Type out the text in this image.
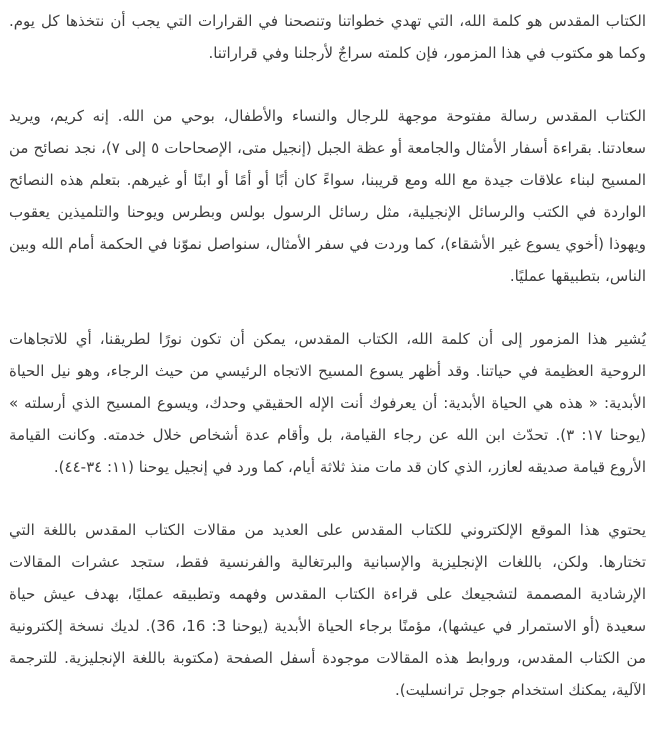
الكتاب المقدس هو كلمة الله، التي تهدي خطواتنا وتنصحنا في القرارات التي يجب أن نتخذها كل يوم. وكما هو مكتوب في هذا المزمور، فإن كلمته سراجٌ لأرجلنا وفي قراراتنا.

الكتاب المقدس رسالة مفتوحة موجهة للرجال والنساء والأطفال، بوحي من الله. إنه كريم، ويريد سعادتنا. بقراءة أسفار الأمثال والجامعة أو عظة الجبل (إنجيل متى، الإصحاحات ٥ إلى ٧)، نجد نصائح من المسيح لبناء علاقات جيدة مع الله ومع قريبنا، سواءً كان أبًا أو أمًا أو ابنًا أو غيرهم. بتعلم هذه النصائح الواردة في الكتب والرسائل الإنجيلية، مثل رسائل الرسول بولس وبطرس ويوحنا والتلميذين يعقوب ويهوذا (أخوي يسوع غير الأشقاء)، كما وردت في سفر الأمثال، سنواصل نموّنا في الحكمة أمام الله وبين الناس، بتطبيقها عمليًا.

يُشير هذا المزمور إلى أن كلمة الله، الكتاب المقدس، يمكن أن تكون نورًا لطريقنا، أي للاتجاهات الروحية العظيمة في حياتنا. وقد أظهر يسوع المسيح الاتجاه الرئيسي من حيث الرجاء، وهو نيل الحياة الأبدية: « هذه هي الحياة الأبدية: أن يعرفوك أنت الإله الحقيقي وحدك، ويسوع المسيح الذي أرسلته » (يوحنا ١٧: ٣). تحدّث ابن الله عن رجاء القيامة، بل وأقام عدة أشخاص خلال خدمته. وكانت القيامة الأروع قيامة صديقه لعازر، الذي كان قد مات منذ ثلاثة أيام، كما ورد في إنجيل يوحنا (١١: ٣٤-٤٤).

يحتوي هذا الموقع الإلكتروني للكتاب المقدس على العديد من مقالات الكتاب المقدس باللغة التي تختارها. ولكن، باللغات الإنجليزية والإسبانية والبرتغالية والفرنسية فقط، ستجد عشرات المقالات الإرشادية المصممة لتشجيعك على قراءة الكتاب المقدس وفهمه وتطبيقه عمليًا، بهدف عيش حياة سعيدة (أو الاستمرار في عيشها)، مؤمنًا برجاء الحياة الأبدية (يوحنا 3: 16، 36). لديك نسخة إلكترونية من الكتاب المقدس، وروابط هذه المقالات موجودة أسفل الصفحة (مكتوبة باللغة الإنجليزية. للترجمة الآلية، يمكنك استخدام جوجل ترانسليت).
